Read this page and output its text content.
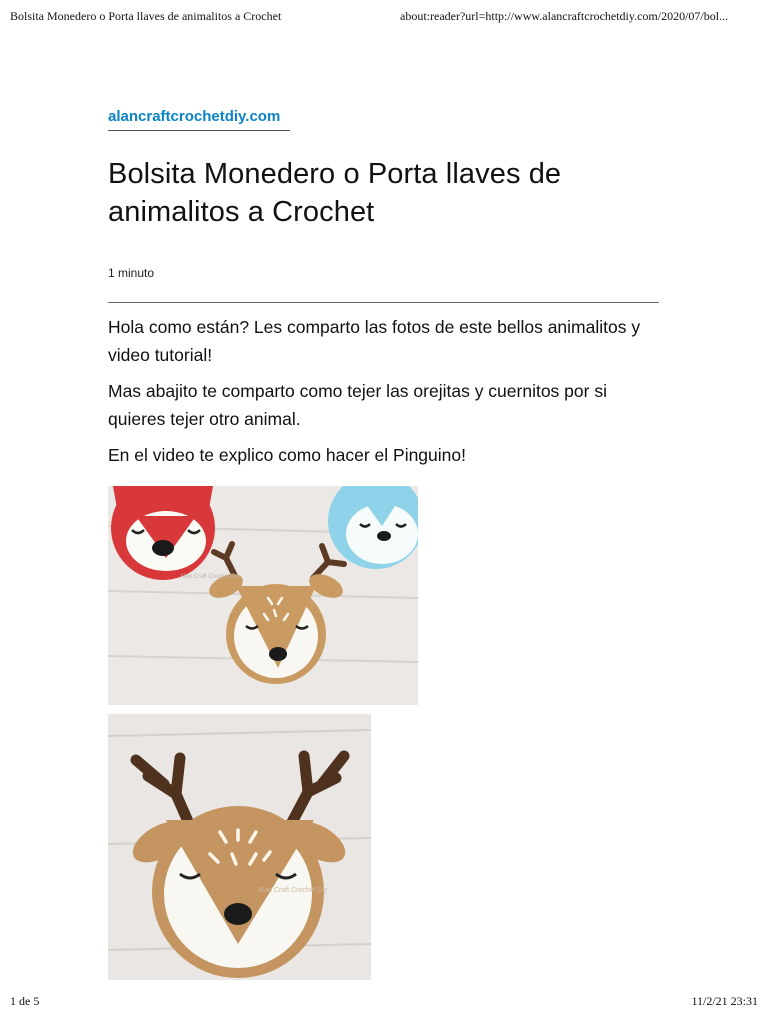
Bolsita Monedero o Porta llaves de animalitos a Crochet	about:reader?url=http://www.alancraftcrochetdiy.com/2020/07/bol...
alancraftcrochetdiy.com
Bolsita Monedero o Porta llaves de animalitos a Crochet
1 minuto

Hola como están? Les comparto las fotos de este bellos animalitos y video tutorial!

Mas abajito te comparto como tejer las orejitas y cuernitos por si quieres tejer otro animal.

En el video te explico como hacer el Pinguino!

Alan Craft Crochet Diy
Alan Craft Crochet Diy
1 de 5	11/2/21 23:31
